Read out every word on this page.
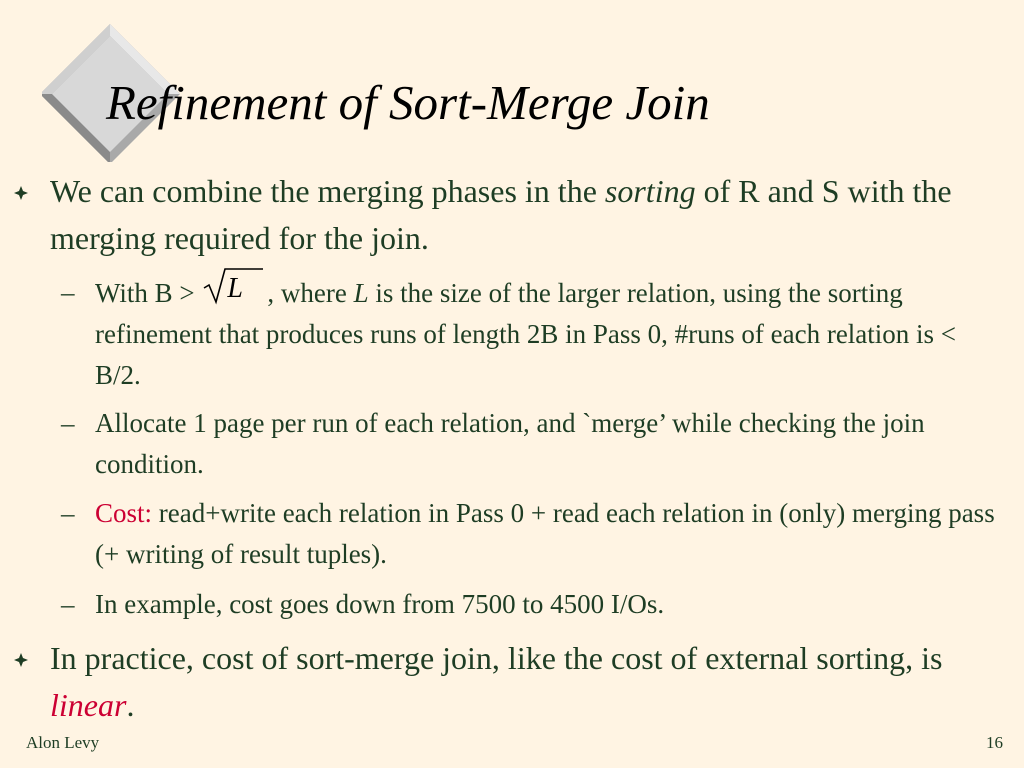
Refinement of Sort-Merge Join
We can combine the merging phases in the sorting of R and S with the merging required for the join.
– With B > L , where L is the size of the larger relation, using the sorting refinement that produces runs of length 2B in Pass 0, #runs of each relation is < B/2.
– Allocate 1 page per run of each relation, and `merge’ while checking the join condition.
– Cost: read+write each relation in Pass 0 + read each relation in (only) merging pass (+ writing of result tuples).
– In example, cost goes down from 7500 to 4500 I/Os.
In practice, cost of sort-merge join, like the cost of external sorting, is linear.
Alon Levy	16
